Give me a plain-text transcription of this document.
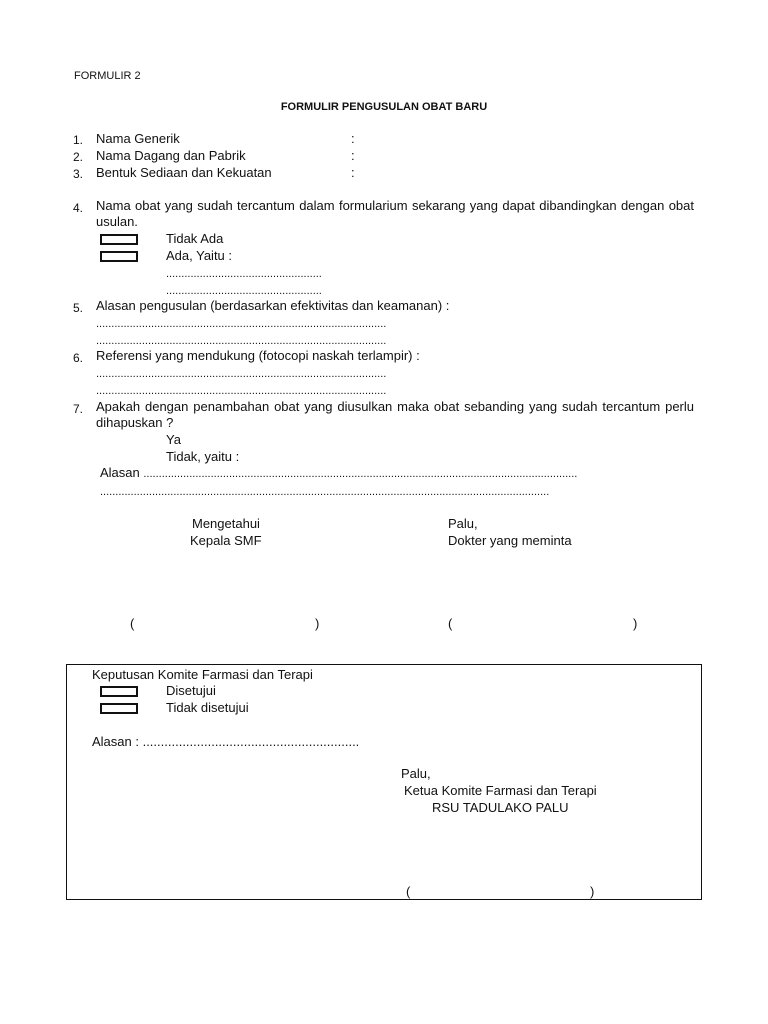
FORMULIR 2
FORMULIR PENGUSULAN OBAT BARU
1. Nama Generik	:
2. Nama Dagang dan Pabrik	:
3. Bentuk Sediaan dan Kekuatan	:
4. Nama obat yang sudah tercantum dalam formularium sekarang yang dapat dibandingkan dengan obat usulan.
Tidak Ada
Ada, Yaitu :
...................................................
...................................................
5. Alasan pengusulan (berdasarkan efektivitas dan keamanan) :
...............................................................................................
...............................................................................................
6. Referensi yang mendukung (fotocopi naskah terlampir) :
...............................................................................................
...............................................................................................
7. Apakah dengan penambahan obat yang diusulkan maka obat sebanding yang sudah tercantum perlu dihapuskan ?
Ya
Tidak, yaitu :
Alasan ..............................................................................................................................................
...................................................................................................................................................
Mengetahui
Kepala SMF
Palu,
Dokter yang meminta
(	)	(	)
Keputusan Komite Farmasi dan Terapi
Disetujui
Tidak disetujui
Alasan : ............................................................
Palu,
Ketua Komite Farmasi dan Terapi
RSU TADULAKO PALU
(	)
